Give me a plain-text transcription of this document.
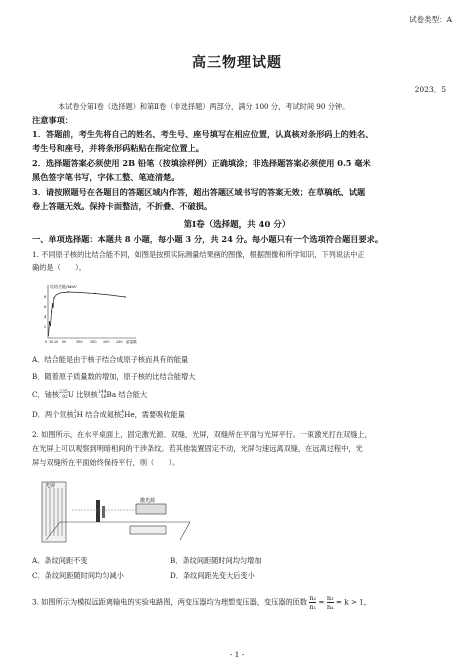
试卷类型：A
高三物理试题
2023．5
本试卷分第Ⅰ卷（选择题）和第Ⅱ卷（非选择题）两部分，满分 100 分，考试时间 90 分钟。
注意事项：
1．答题前，考生先将自己的姓名、考生号、座号填写在相应位置，认真核对条形码上的姓名、
考生号和座号，并将条形码粘贴在指定位置上。
2．选择题答案必须使用 2B 铅笔（按填涂样例）正确填涂；非选择题答案必须使用 0.5 毫米
黑色签字笔书写，字体工整、笔迹清楚。
3．请按照题号在各题目的答题区域内作答，超出答题区域书写的答案无效；在草稿纸、试题
卷上答题无效。保持卡面整洁，不折叠、不破损。
第Ⅰ卷（选择题，共 40 分）
一、单项选择题：本题共 8 小题，每小题 3 分，共 24 分。每小题只有一个选项符合题目要求。
1. 不同原子核的比结合能不同，如图是按照实际测量结果画的图像，根据图像和所学知识，下列说法中正
确的是（　　）。
比结合能/MeV
质量数
8
6
4
2
0 10 20 50	100 150 200 250
A．结合能是由于核子结合成原子核而具有的能量
B．随着原子质量数的增加，原子核的比结合能增大
C．铀核 235
92 U 比钡核 144
56 Ba 结合能大
D．两个氘核 2
1 H 结合成氦核 4
2 He，需要吸收能量
2. 如图所示，在水平桌面上，固定激光源、双缝、光屏，双缝所在平面与光屏平行。一束激光打在双缝上，
在光屏上可以观察到明暗相间的干涉条纹。若其他装置固定不动，光屏匀速远离双缝，在远离过程中，光
屏与双缝所在平面始终保持平行，则（　　）。
光屏
激光源
A．条纹间距不变	B．条纹间距随时间均匀增加
C．条纹间距随时间均匀减小	D．条纹间距先变大后变小
3. 如图所示为模拟远距离输电的实验电路图，两变压器均为理想变压器，变压器的匝数 $\frac{\text{n₂}}{\text{n₁}} = \frac{\text{n₃}}{\text{n₄}} = k > 1$，
- 1 -
